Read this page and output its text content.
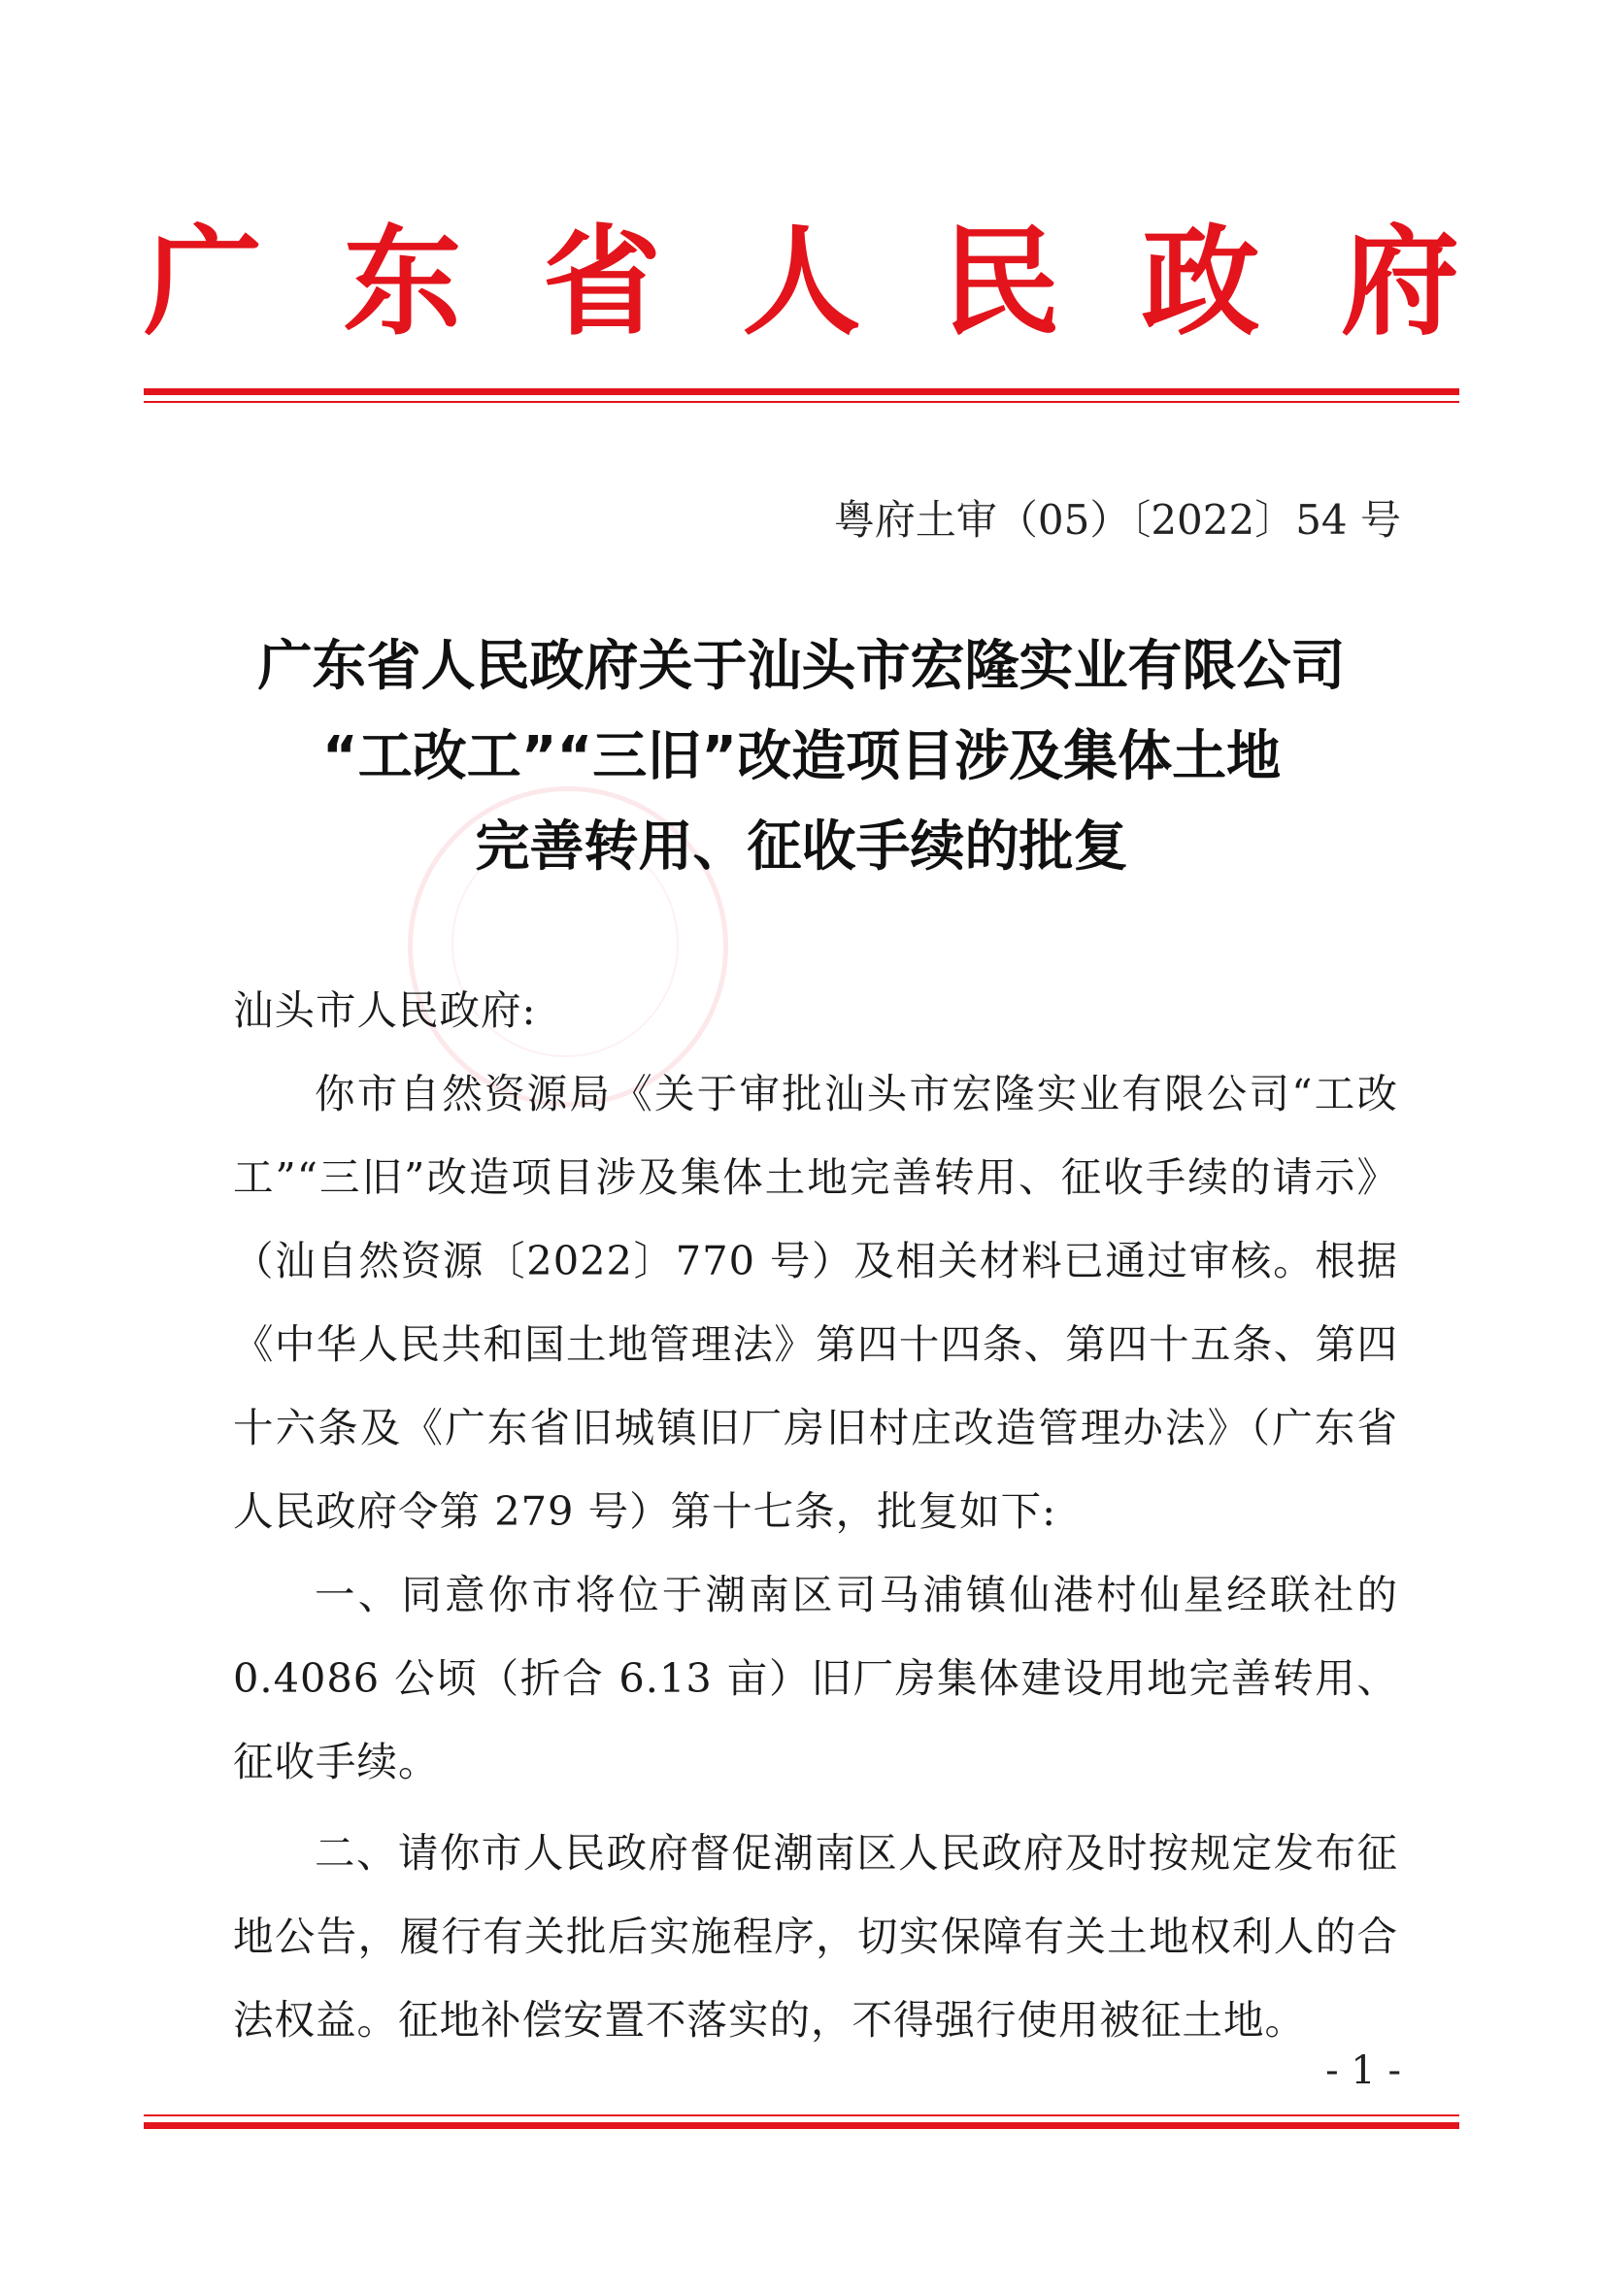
广 东 省 人 民 政 府
粤府土审（05）〔2022〕54 号
广东省人民政府关于汕头市宏隆实业有限公司
“工改工”“三旧”改造项目涉及集体土地
完善转用、征收手续的批复

汕头市人民政府:

你市自然资源局《关于审批汕头市宏隆实业有限公司“工改工”“三旧”改造项目涉及集体土地完善转用、征收手续的请示》（汕自然资源〔2022〕770 号）及相关材料已通过审核。根据《中华人民共和国土地管理法》第四十四条、第四十五条、第四十六条及《广东省旧城镇旧厂房旧村庄改造管理办法》（广东省人民政府令第 279 号）第十七条，批复如下:

一、同意你市将位于潮南区司马浦镇仙港村仙星经联社的 0.4086 公顷（折合 6.13 亩）旧厂房集体建设用地完善转用、征收手续。

二、请你市人民政府督促潮南区人民政府及时按规定发布征地公告，履行有关批后实施程序，切实保障有关土地权利人的合法权益。征地补偿安置不落实的，不得强行使用被征土地。

- 1 -
